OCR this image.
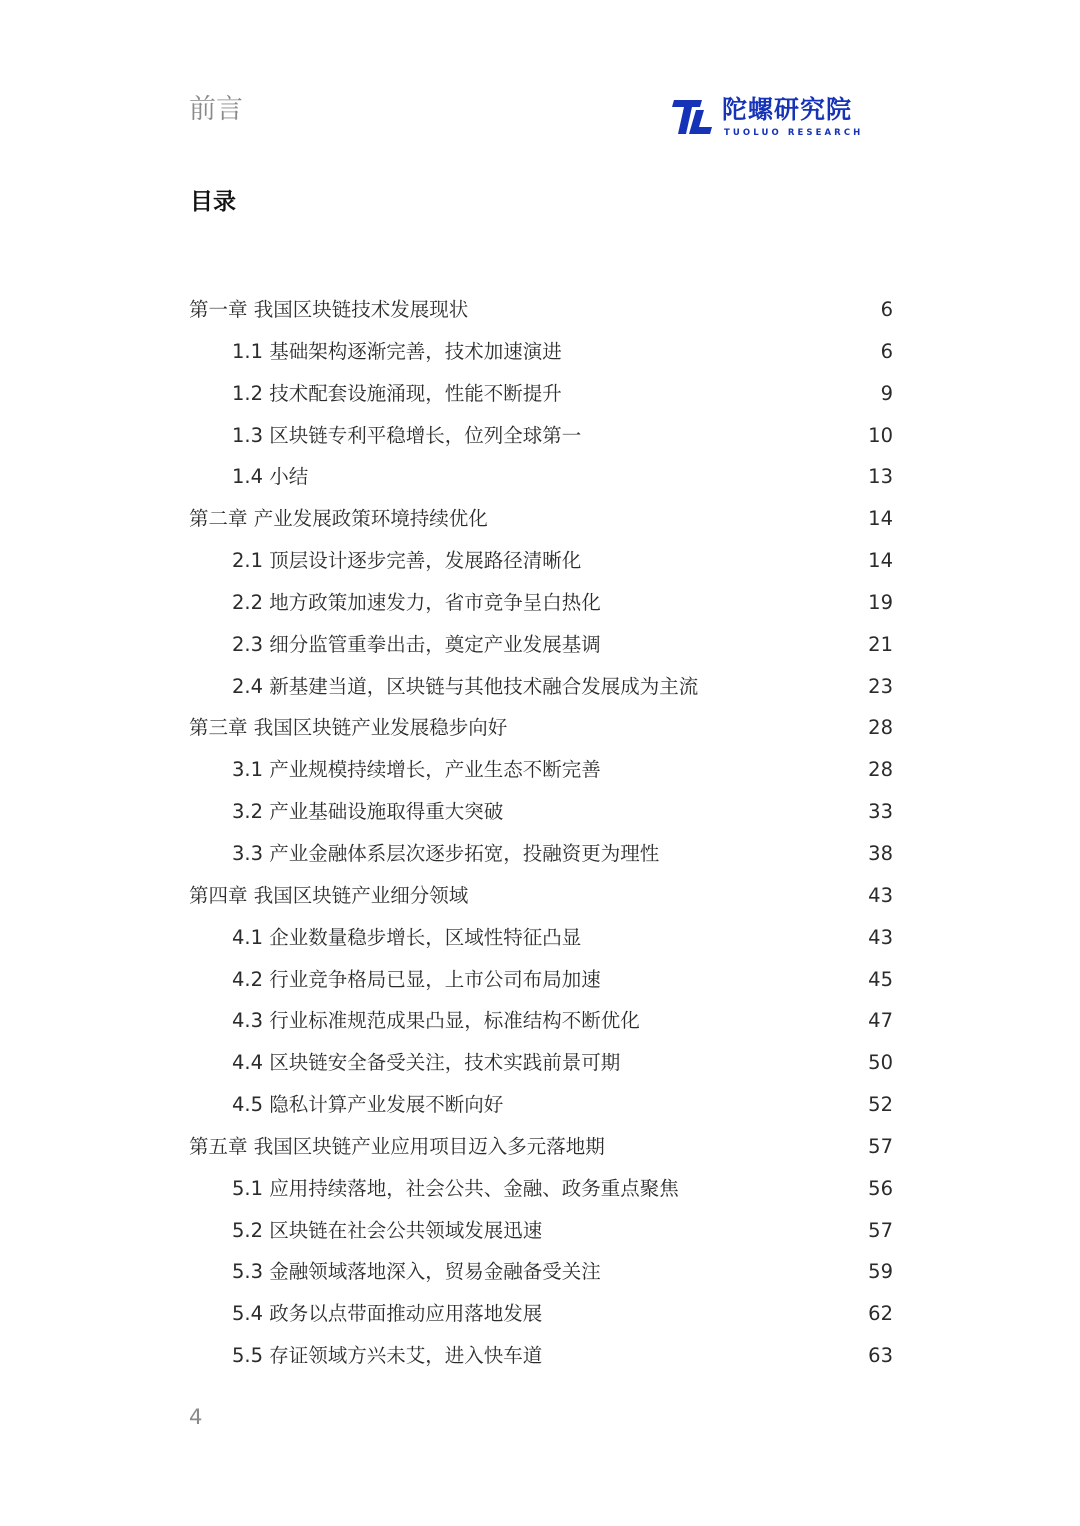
前言	陀螺研究院
TUOLUO RESEARCH
目录
第一章 我国区块链技术发展现状	6
1.1 基础架构逐渐完善，技术加速演进	6
1.2 技术配套设施涌现，性能不断提升	9
1.3 区块链专利平稳增长，位列全球第一	10
1.4 小结	13
第二章 产业发展政策环境持续优化	14
2.1 顶层设计逐步完善，发展路径清晰化	14
2.2 地方政策加速发力，省市竞争呈白热化	19
2.3 细分监管重拳出击，奠定产业发展基调	21
2.4 新基建当道，区块链与其他技术融合发展成为主流	23
第三章 我国区块链产业发展稳步向好	28
3.1 产业规模持续增长，产业生态不断完善	28
3.2 产业基础设施取得重大突破	33
3.3 产业金融体系层次逐步拓宽，投融资更为理性	38
第四章 我国区块链产业细分领域	43
4.1 企业数量稳步增长，区域性特征凸显	43
4.2 行业竞争格局已显，上市公司布局加速	45
4.3 行业标准规范成果凸显，标准结构不断优化	47
4.4 区块链安全备受关注，技术实践前景可期	50
4.5 隐私计算产业发展不断向好	52
第五章 我国区块链产业应用项目迈入多元落地期	57
5.1 应用持续落地，社会公共、金融、政务重点聚焦	56
5.2 区块链在社会公共领域发展迅速	57
5.3 金融领域落地深入，贸易金融备受关注	59
5.4 政务以点带面推动应用落地发展	62
5.5 存证领域方兴未艾，进入快车道	63
4
